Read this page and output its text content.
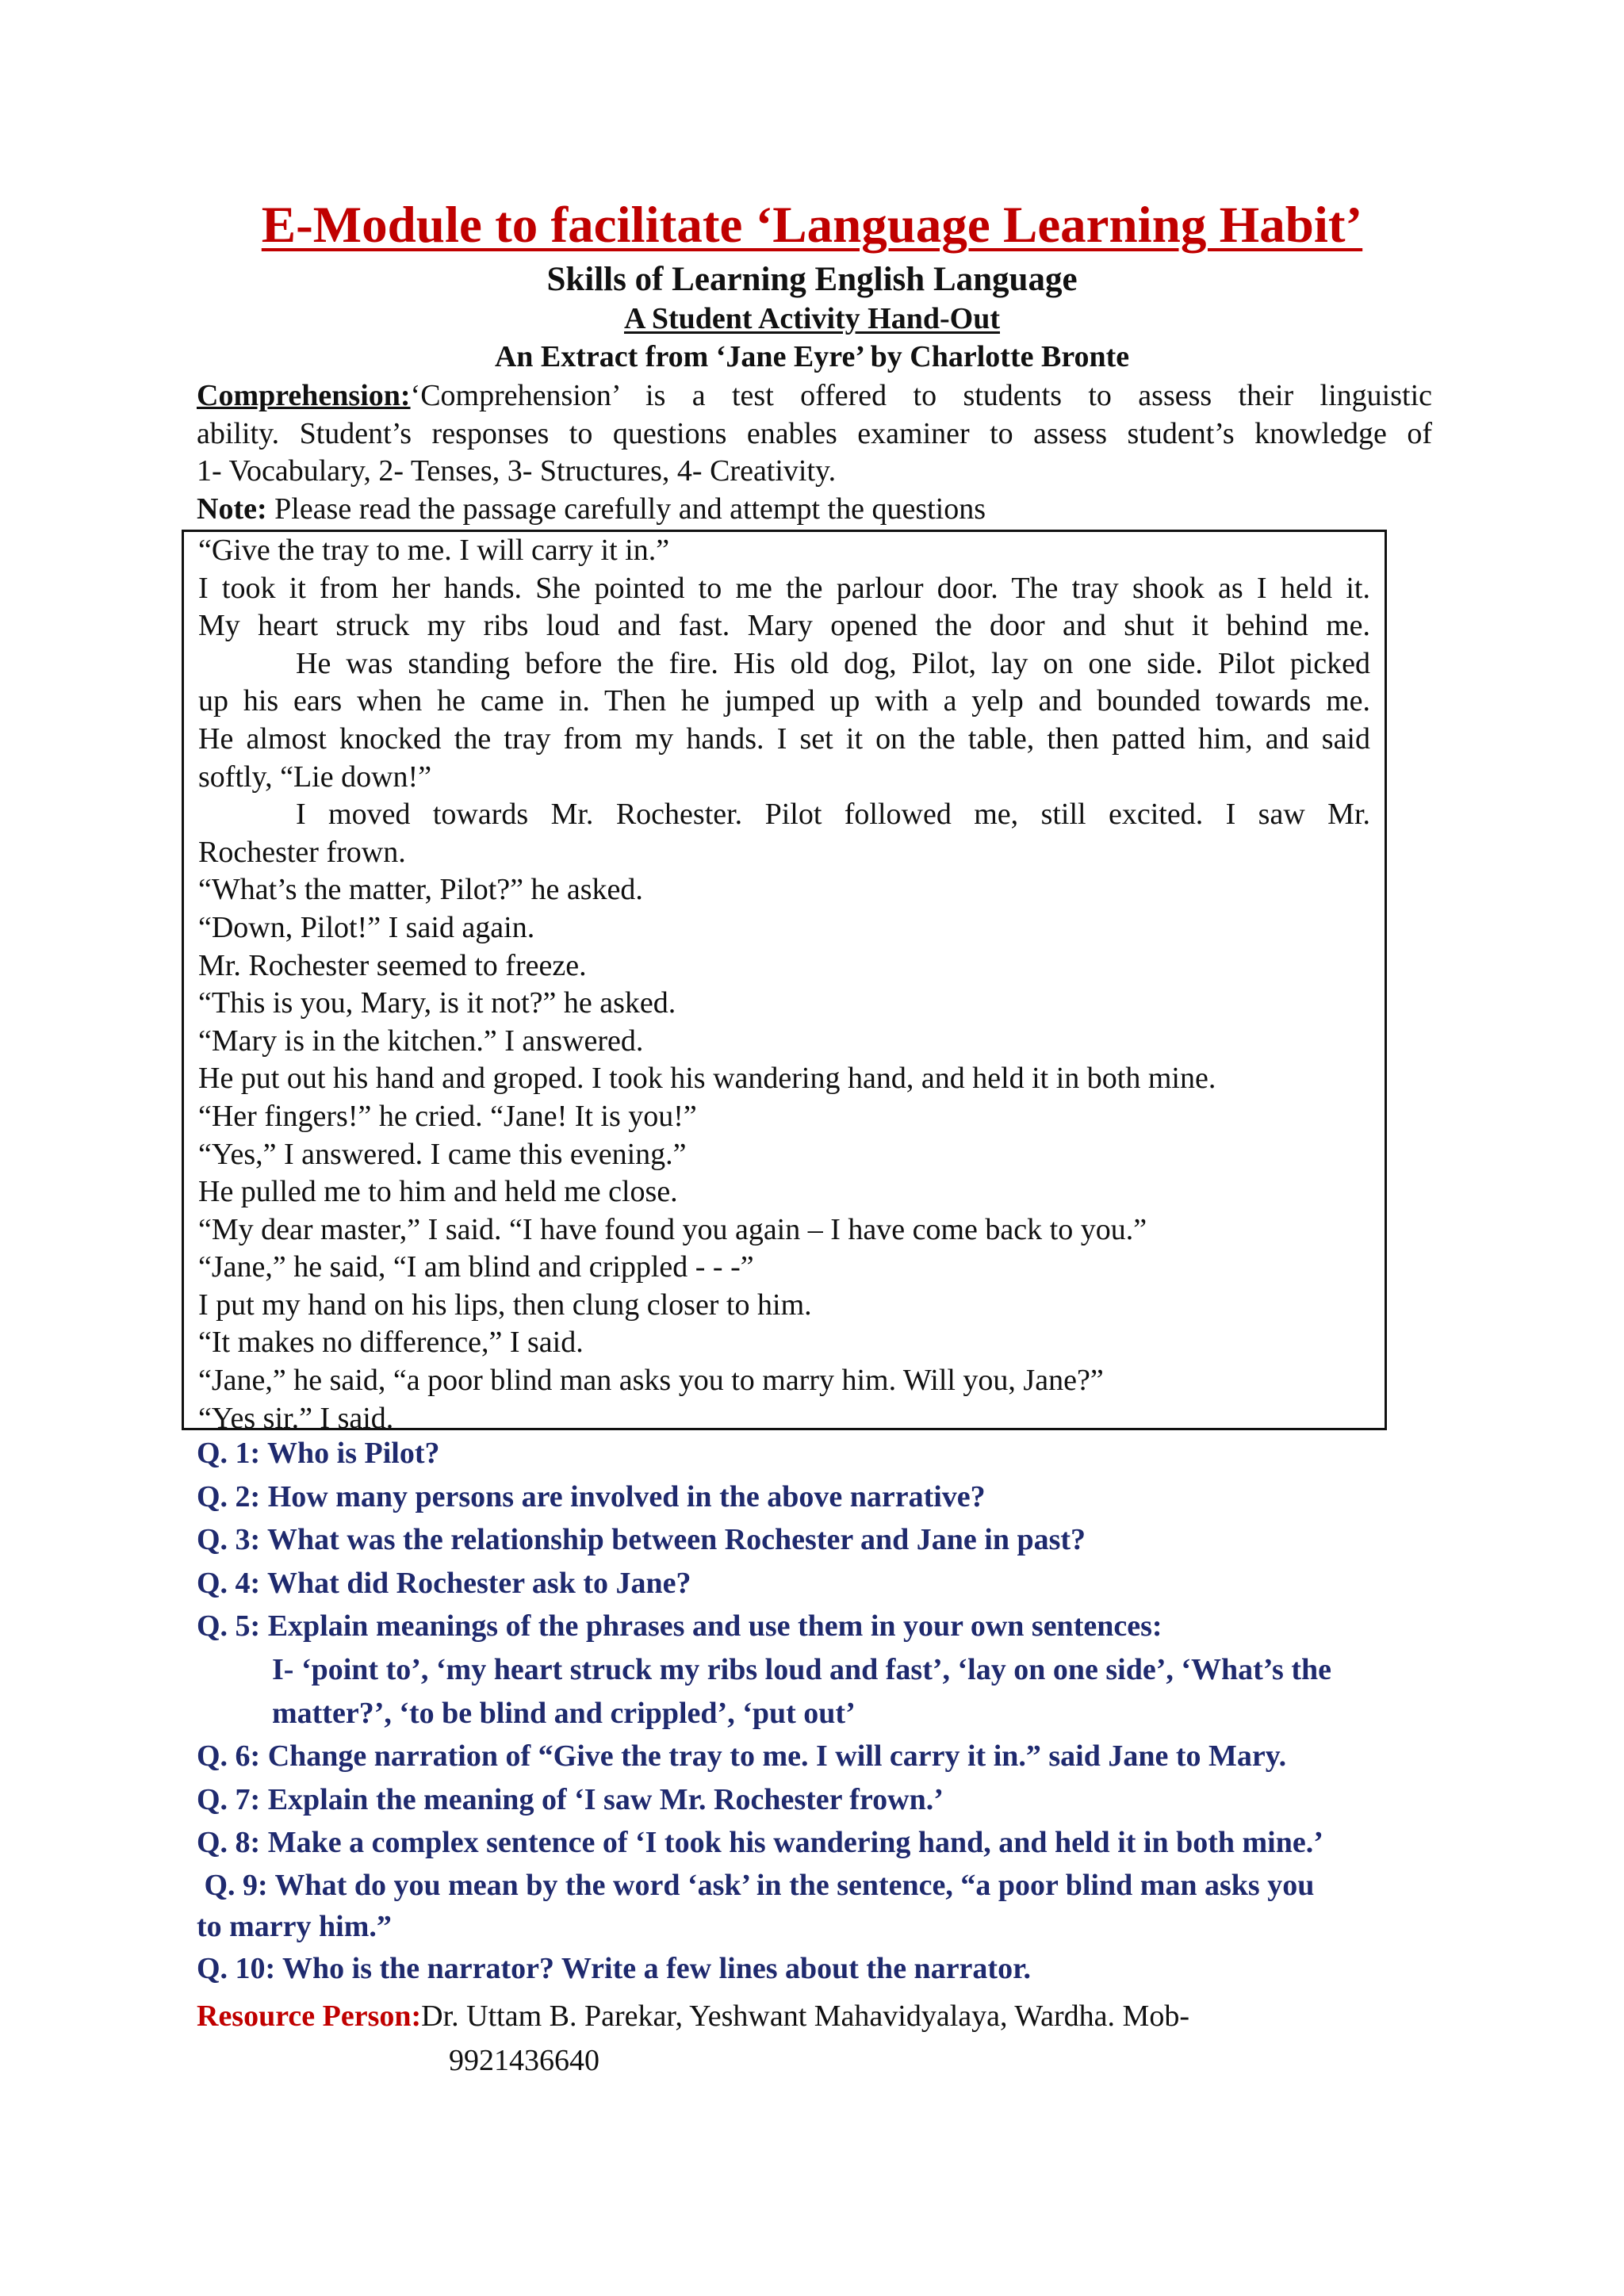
E-Module to facilitate ‘Language Learning Habit’
Skills of Learning English Language
A Student Activity Hand-Out
An Extract from ‘Jane Eyre’ by Charlotte Bronte
Comprehension:‘Comprehension’ is a test offered to students to assess their linguistic
ability. Student’s responses to questions enables examiner to assess student’s knowledge of
1- Vocabulary, 2- Tenses, 3- Structures, 4- Creativity.
Note: Please read the passage carefully and attempt the questions
“Give the tray to me. I will carry it in.”
I took it from her hands. She pointed to me the parlour door. The tray shook as I held it.
My heart struck my ribs loud and fast. Mary opened the door and shut it behind me.
He was standing before the fire. His old dog, Pilot, lay on one side. Pilot picked
up his ears when he came in. Then he jumped up with a yelp and bounded towards me.
He almost knocked the tray from my hands. I set it on the table, then patted him, and said
softly, “Lie down!”
I moved towards Mr. Rochester. Pilot followed me, still excited. I saw Mr.
Rochester frown.
“What’s the matter, Pilot?” he asked.
“Down, Pilot!” I said again.
Mr. Rochester seemed to freeze.
“This is you, Mary, is it not?” he asked.
“Mary is in the kitchen.” I answered.
He put out his hand and groped. I took his wandering hand, and held it in both mine.
“Her fingers!” he cried. “Jane! It is you!”
“Yes,” I answered. I came this evening.”
He pulled me to him and held me close.
“My dear master,” I said. “I have found you again – I have come back to you.”
“Jane,” he said, “I am blind and crippled - - -”
I put my hand on his lips, then clung closer to him.
“It makes no difference,” I said.
“Jane,” he said, “a poor blind man asks you to marry him. Will you, Jane?”
“Yes sir.” I said.
Q. 1: Who is Pilot?
Q. 2: How many persons are involved in the above narrative?
Q. 3: What was the relationship between Rochester and Jane in past?
Q. 4: What did Rochester ask to Jane?
Q. 5: Explain meanings of the phrases and use them in your own sentences:
I- ‘point to’, ‘my heart struck my ribs loud and fast’, ‘lay on one side’, ‘What’s the
matter?’, ‘to be blind and crippled’, ‘put out’
Q. 6: Change narration of “Give the tray to me. I will carry it in.” said Jane to Mary.
Q. 7: Explain the meaning of ‘I saw Mr. Rochester frown.’
Q. 8: Make a complex sentence of ‘I took his wandering hand, and held it in both mine.’
Q. 9: What do you mean by the word ‘ask’ in the sentence, “a poor blind man asks you
to marry him.”
Q. 10: Who is the narrator? Write a few lines about the narrator.
Resource Person:Dr. Uttam B. Parekar, Yeshwant Mahavidyalaya, Wardha. Mob-
9921436640
